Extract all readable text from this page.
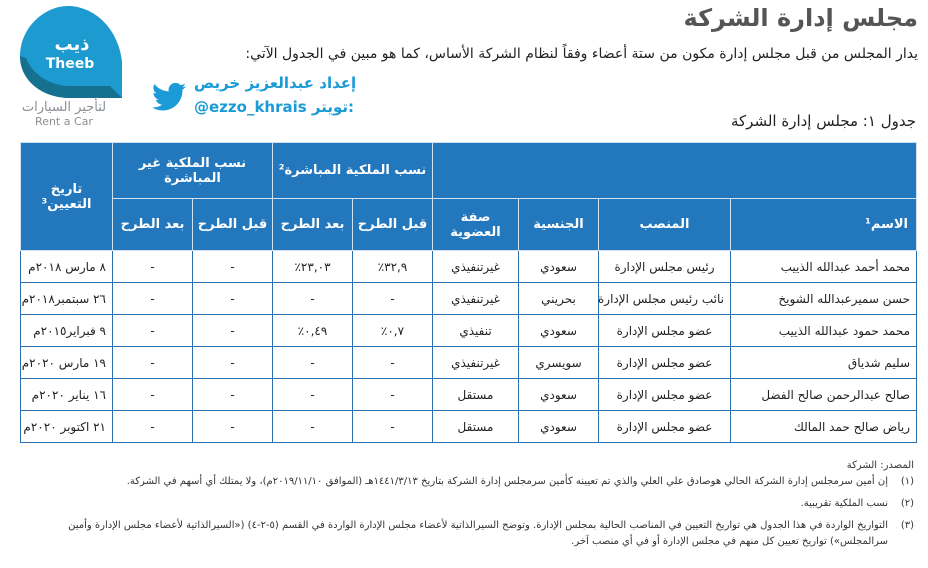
ذيب
Theeb
لتأجير السيارات
Rent a Car
مجلس إدارة الشركة
يدار المجلس من قبل مجلس إدارة مكون من ستة أعضاء وفقاً لنظام الشركة الأساس، كما هو مبين في الجدول الآتي:
إعداد عبدالعزيز خريص
@ezzo_khrais تويتر:
جدول ١: مجلس إدارة الشركة
				نسب الملكية المباشرة²		نسب الملكية غير المباشرة		تاريخ التعيين³
الاسم¹	المنصب	الجنسية	صفة العضوية	قبل الطرح	بعد الطرح	قبل الطرح	بعد الطرح	
محمد أحمد عبدالله الذييب	رئيس مجلس الإدارة	سعودي	غيرتنفيذي	٣٢,٩٪	٢٣,٠٣٪	-	-	٨ مارس ٢٠١٨م
حسن سميرعبدالله الشويخ	نائب رئيس مجلس الإدارة	بحريني	غيرتنفيذي	-	-	-	-	٢٦ سبتمبر٢٠١٨م
محمد حمود عبدالله الذييب	عضو مجلس الإدارة	سعودي	تنفيذي	٠,٧٪	٠,٤٩٪	-	-	٩ فبراير٢٠١٥م
سليم شدياق	عضو مجلس الإدارة	سويسري	غيرتنفيذي	-	-	-	-	١٩ مارس ٢٠٢٠م
صالح عبدالرحمن صالح الفضل	عضو مجلس الإدارة	سعودي	مستقل	-	-	-	-	١٦ يناير ٢٠٢٠م
رياض صالح حمد المالك	عضو مجلس الإدارة	سعودي	مستقل	-	-	-	-	٢١ اكتوبر ٢٠٢٠م
المصدر: الشركة
(١)
إن أمين سرمجلس إدارة الشركة الحالي هوصادق علي العلي والذي تم تعيينه كأمين سرمجلس إدارة الشركة بتاريخ ١٤٤١/٣/١٣هـ (الموافق ٢٠١٩/١١/١٠م)، ولا يمتلك أي أسهم في الشركة.
(٢)
نسب الملكية تقريبية.
(٣)
التواريخ الواردة في هذا الجدول هي تواريخ التعيين في المناصب الحالية بمجلس الإدارة. وتوضح السيرالذاتية لأعضاء مجلس الإدارة الواردة في القسم (٥-٢-٤) («السيرالذاتية لأعضاء مجلس الإدارة وأمين سرالمجلس») تواريخ تعيين كل منهم في مجلس الإدارة أو في أي منصب آخر.
